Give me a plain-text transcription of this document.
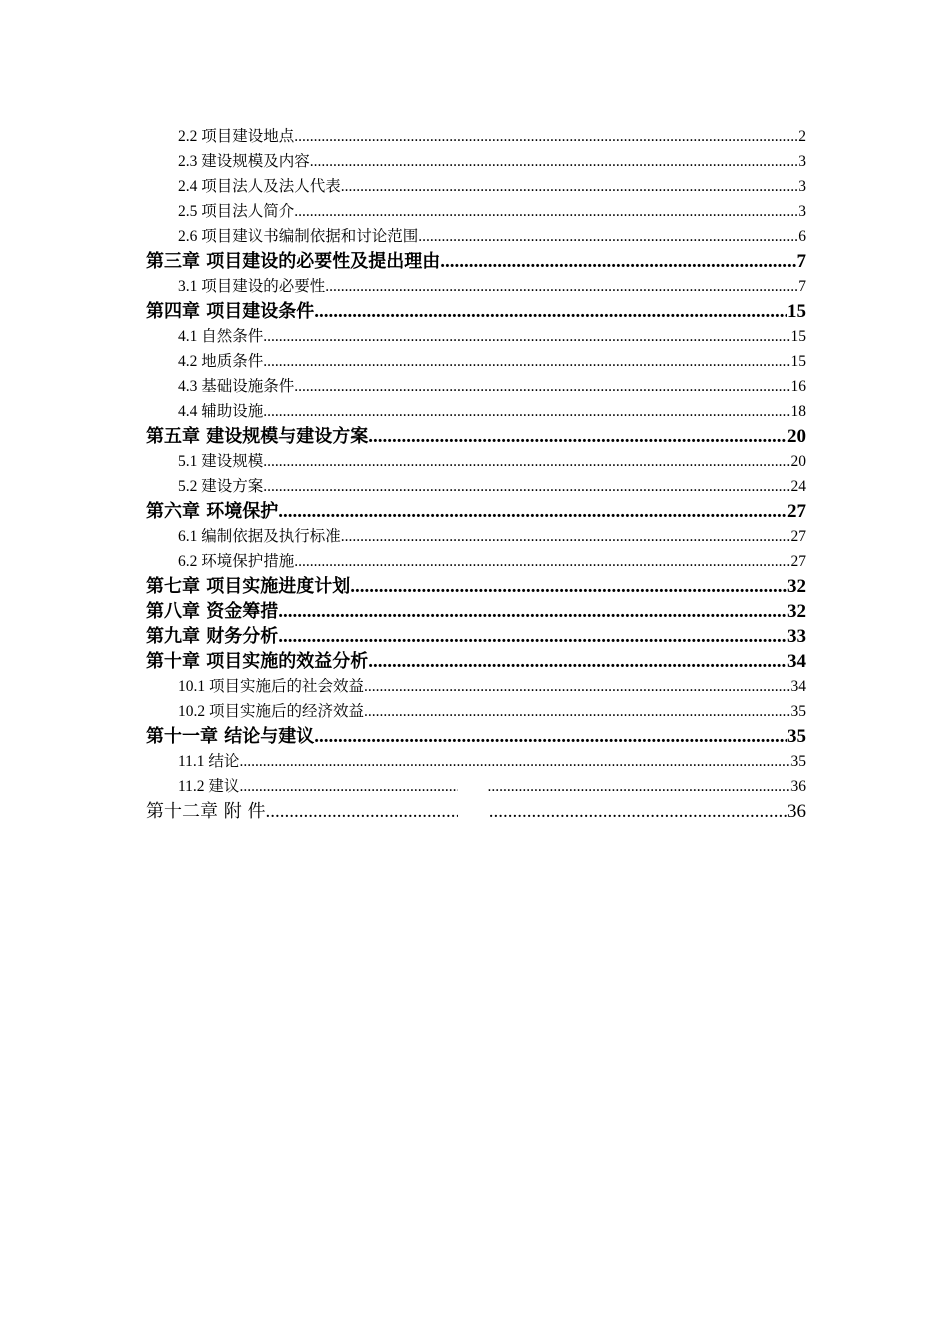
2.2 项目建设地点 .....	2
2.3 建设规模及内容 .....	3
2.4 项目法人及法人代表 .....	3
2.5 项目法人简介 .....	3
2.6 项目建议书编制依据和讨论范围 .....	6
第三章 项目建设的必要性及提出理由 .....	7
3.1 项目建设的必要性 .....	7
第四章 项目建设条件 .....	15
4.1 自然条件 .....	15
4.2 地质条件 .....	15
4.3 基础设施条件 .....	16
4.4 辅助设施 .....	18
第五章 建设规模与建设方案 .....	20
5.1 建设规模 .....	20
5.2 建设方案 .....	24
第六章 环境保护 .....	27
6.1 编制依据及执行标准 .....	27
6.2 环境保护措施 .....	27
第七章 项目实施进度计划 .....	32
第八章 资金筹措 .....	32
第九章 财务分析 .....	33
第十章 项目实施的效益分析 .....	34
10.1 项目实施后的社会效益 .....	34
10.2 项目实施后的经济效益 .....	35
第十一章 结论与建议 .....	35
11.1 结论 .....	35
11.2 建议 .....	36
第十二章 附 件 .....	36
